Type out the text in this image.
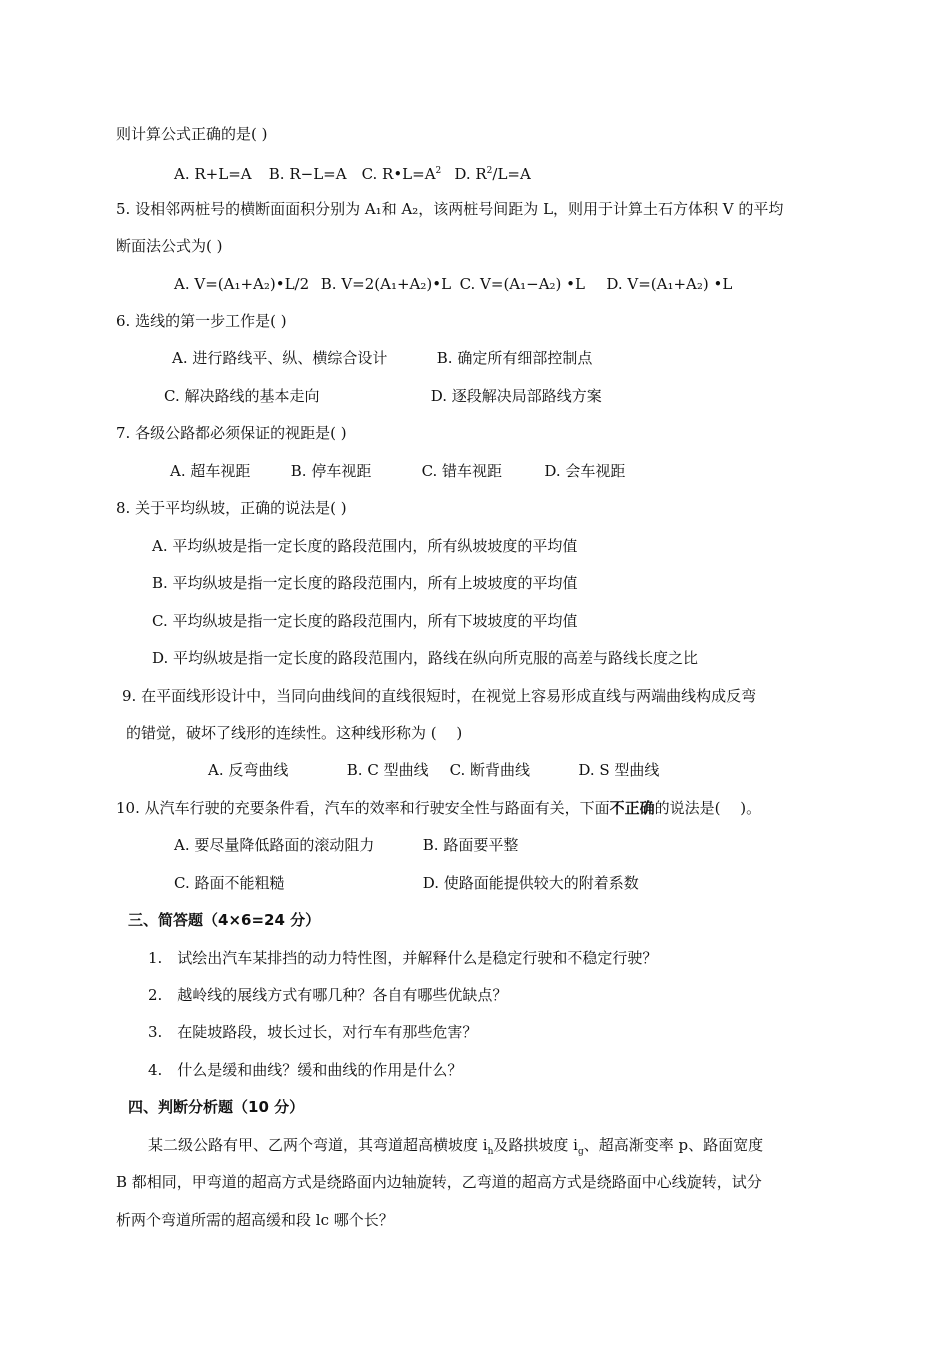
则计算公式正确的是( )
A. R+L=A B. R−L=A C. $R•L=A^2$ D. $R^2/L=A$
5. 设相邻两桩号的横断面面积分别为 A₁和 A₂，该两桩号间距为 L，则用于计算土石方体积 V 的平均
断面法公式为( )
A. V=(A₁+A₂)•L/2 B. V=2(A₁+A₂)•L C. V=(A₁−A₂) •L D. V=(A₁+A₂) •L
6. 选线的第一步工作是( )
A. 进行路线平、纵、横综合设计	B. 确定所有细部控制点
C. 解决路线的基本走向	D. 逐段解决局部路线方案
7. 各级公路都必须保证的视距是( )
A. 超车视距	B. 停车视距	C. 错车视距	D. 会车视距
8. 关于平均纵坡，正确的说法是( )
A. 平均纵坡是指一定长度的路段范围内，所有纵坡坡度的平均值
B. 平均纵坡是指一定长度的路段范围内，所有上坡坡度的平均值
C. 平均纵坡是指一定长度的路段范围内，所有下坡坡度的平均值
D. 平均纵坡是指一定长度的路段范围内，路线在纵向所克服的高差与路线长度之比
9. 在平面线形设计中，当同向曲线间的直线很短时，在视觉上容易形成直线与两端曲线构成反弯
的错觉，破坏了线形的连续性。这种线形称为 (　 )
A. 反弯曲线	B. C 型曲线 C. 断背曲线	D. S 型曲线
10. 从汽车行驶的充要条件看，汽车的效率和行驶安全性与路面有关，下面不正确的说法是(　 )。
A. 要尽量降低路面的滚动阻力	B. 路面要平整
C. 路面不能粗糙	D. 使路面能提供较大的附着系数
三、简答题（4×6=24 分）
1.　试绘出汽车某排挡的动力特性图，并解释什么是稳定行驶和不稳定行驶？
2.　越岭线的展线方式有哪几种？各自有哪些优缺点？
3.　在陡坡路段，坡长过长，对行车有那些危害？
4.　什么是缓和曲线？缓和曲线的作用是什么？
四、判断分析题（10 分）
某二级公路有甲、乙两个弯道，其弯道超高横坡度 $i_h$及路拱坡度 $i_g$、超高渐变率 p、路面宽度
B 都相同，甲弯道的超高方式是绕路面内边轴旋转，乙弯道的超高方式是绕路面中心线旋转，试分
析两个弯道所需的超高缓和段 lc 哪个长？
